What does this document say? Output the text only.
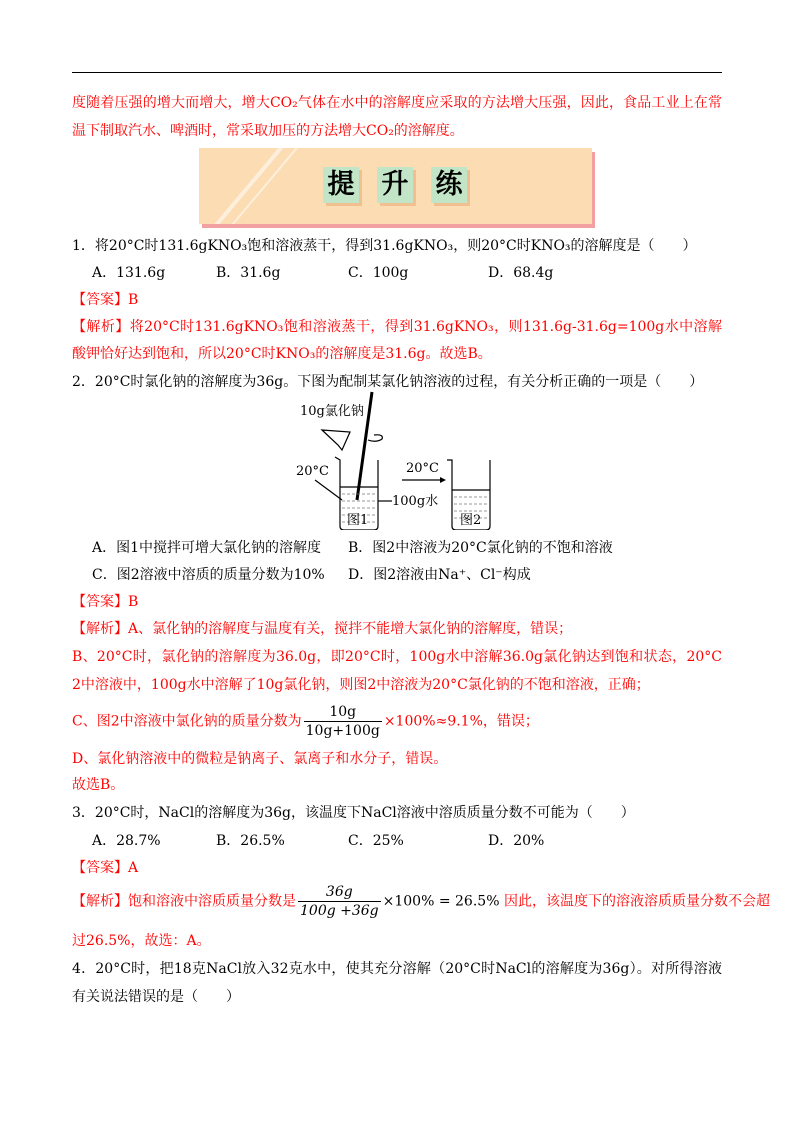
度随着压强的增大而增大，增大CO₂气体在水中的溶解度应采取的方法增大压强，因此，食品工业上在常
温下制取汽水、啤酒时，常采取加压的方法增大CO₂的溶解度。
提 升 练
1．将20°C时131.6gKNO₃饱和溶液蒸干，得到31.6gKNO₃，则20°C时KNO₃的溶解度是（　　）
A．131.6g	B．31.6g	C．100g	D．68.4g
【答案】B
【解析】将20°C时131.6gKNO₃饱和溶液蒸干，得到31.6gKNO₃，则131.6g-31.6g=100g水中溶解
酸钾恰好达到饱和，所以20°C时KNO₃的溶解度是31.6g。故选B。
2．20°C时氯化钠的溶解度为36g。下图为配制某氯化钠溶液的过程，有关分析正确的一项是（　　）
10g氯化钠
20°C	20°C
100g水
图1	图2
A．图1中搅拌可增大氯化钠的溶解度 B．图2中溶液为20°C氯化钠的不饱和溶液
C．图2溶液中溶质的质量分数为10% D．图2溶液由Na⁺、Cl⁻构成
【答案】B
【解析】A、氯化钠的溶解度与温度有关，搅拌不能增大氯化钠的溶解度，错误；
B、20°C时，氯化钠的溶解度为36.0g，即20°C时，100g水中溶解36.0g氯化钠达到饱和状态，20°C
2中溶液中，100g水中溶解了10g氯化钠，则图2中溶液为20°C氯化钠的不饱和溶液，正确；
C、图2中溶液中氯化钠的质量分数为 $\frac{10g}{10g+100g} \times 100\%\approx 9.1\%$，错误；
D、氯化钠溶液中的微粒是钠离子、氯离子和水分子，错误。
故选B。
3．20°C时，NaCl的溶解度为36g，该温度下NaCl溶液中溶质质量分数不可能为（　　）
A．28.7%	B．26.5%	C．25%	D．20%
【答案】A
【解析】饱和溶液中溶质质量分数是 $\frac{36g}{100g +36g} \times 100\% = 26.5\%$ 因此，该温度下的溶液溶质质量分数不会超
过26.5%，故选：A。
4．20°C时，把18克NaCl放入32克水中，使其充分溶解（20°C时NaCl的溶解度为36g）。对所得溶液
有关说法错误的是（　　）
